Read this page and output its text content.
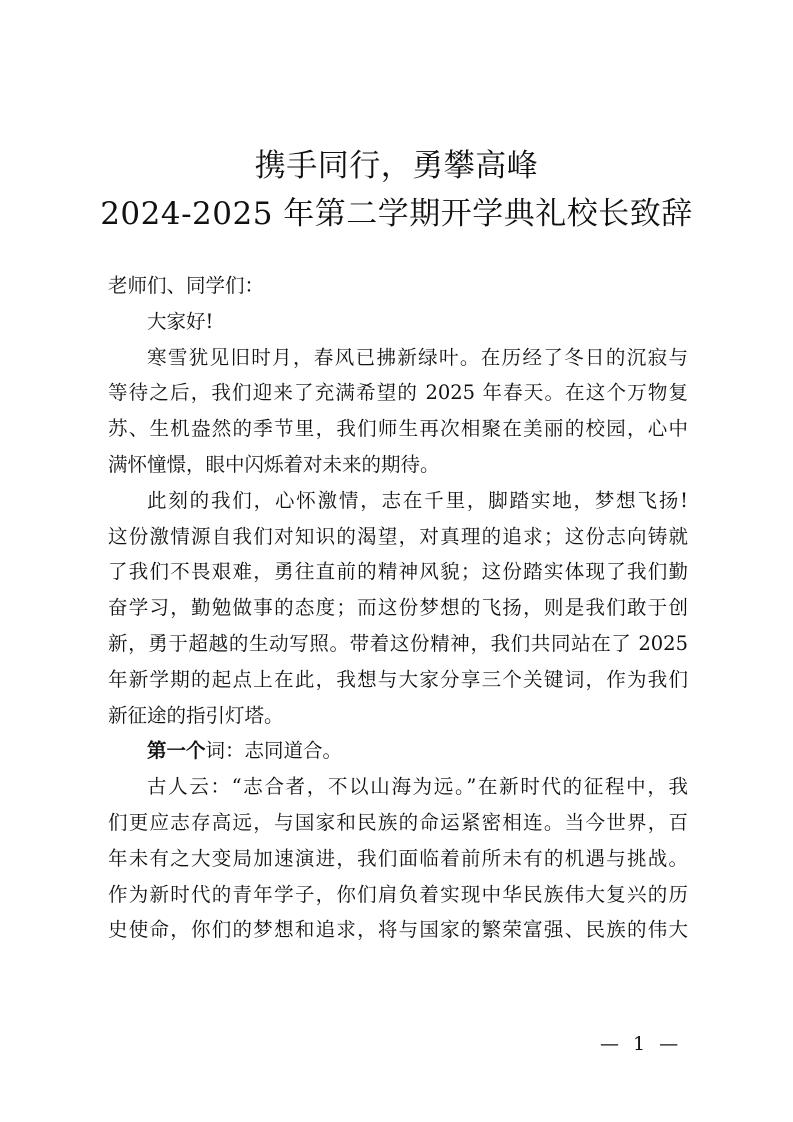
携手同行，勇攀高峰
2024-2025 年第二学期开学典礼校长致辞
老师们、同学们：
大家好!
寒雪犹见旧时月，春风已拂新绿叶。在历经了冬日的沉寂与
等待之后，我们迎来了充满希望的 2025 年春天。在这个万物复
苏、生机盎然的季节里，我们师生再次相聚在美丽的校园，心中
满怀憧憬，眼中闪烁着对未来的期待。
此刻的我们，心怀激情，志在千里，脚踏实地，梦想飞扬!
这份激情源自我们对知识的渴望，对真理的追求；这份志向铸就
了我们不畏艰难，勇往直前的精神风貌；这份踏实体现了我们勤
奋学习，勤勉做事的态度；而这份梦想的飞扬，则是我们敢于创
新，勇于超越的生动写照。带着这份精神，我们共同站在了 2025
年新学期的起点上在此，我想与大家分享三个关键词，作为我们
新征途的指引灯塔。
第一个词：志同道合。
古人云：“志合者，不以山海为远。”在新时代的征程中，我
们更应志存高远，与国家和民族的命运紧密相连。当今世界，百
年未有之大变局加速演进，我们面临着前所未有的机遇与挑战。
作为新时代的青年学子，你们肩负着实现中华民族伟大复兴的历
史使命，你们的梦想和追求，将与国家的繁荣富强、民族的伟大
— 1 —
